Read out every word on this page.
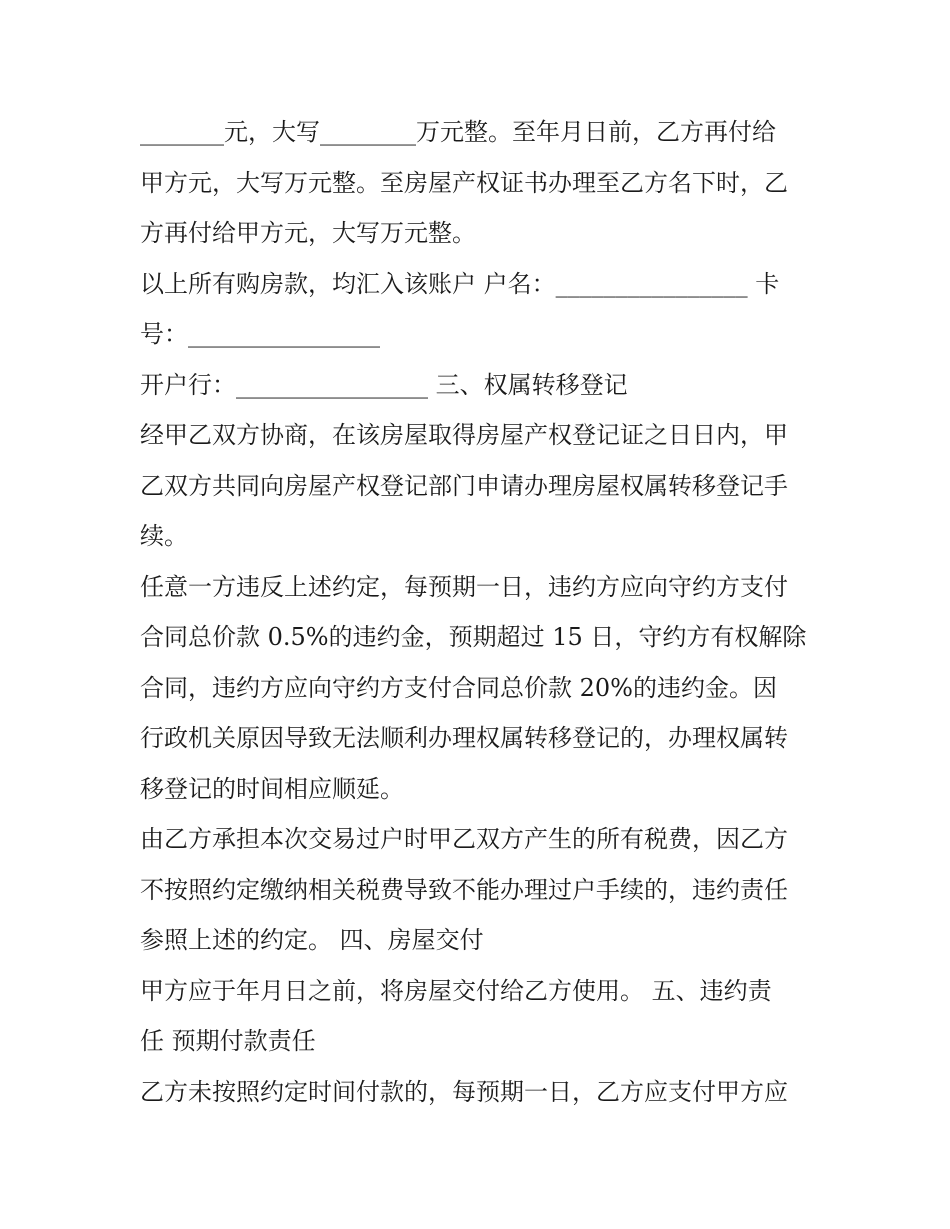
_______元，大写________万元整。至年月日前，乙方再付给
甲方元，大写万元整。至房屋产权证书办理至乙方名下时，乙
方再付给甲方元，大写万元整。
以上所有购房款，均汇入该账户 户名：________________ 卡
号：________________
开户行：________________ 三、权属转移登记
经甲乙双方协商，在该房屋取得房屋产权登记证之日日内，甲
乙双方共同向房屋产权登记部门申请办理房屋权属转移登记手
续。
任意一方违反上述约定，每预期一日，违约方应向守约方支付
合同总价款 0.5%的违约金，预期超过 15 日，守约方有权解除
合同，违约方应向守约方支付合同总价款 20%的违约金。因
行政机关原因导致无法顺利办理权属转移登记的，办理权属转
移登记的时间相应顺延。
由乙方承担本次交易过户时甲乙双方产生的所有税费，因乙方
不按照约定缴纳相关税费导致不能办理过户手续的，违约责任
参照上述的约定。 四、房屋交付
甲方应于年月日之前，将房屋交付给乙方使用。 五、违约责
任 预期付款责任
乙方未按照约定时间付款的，每预期一日，乙方应支付甲方应
